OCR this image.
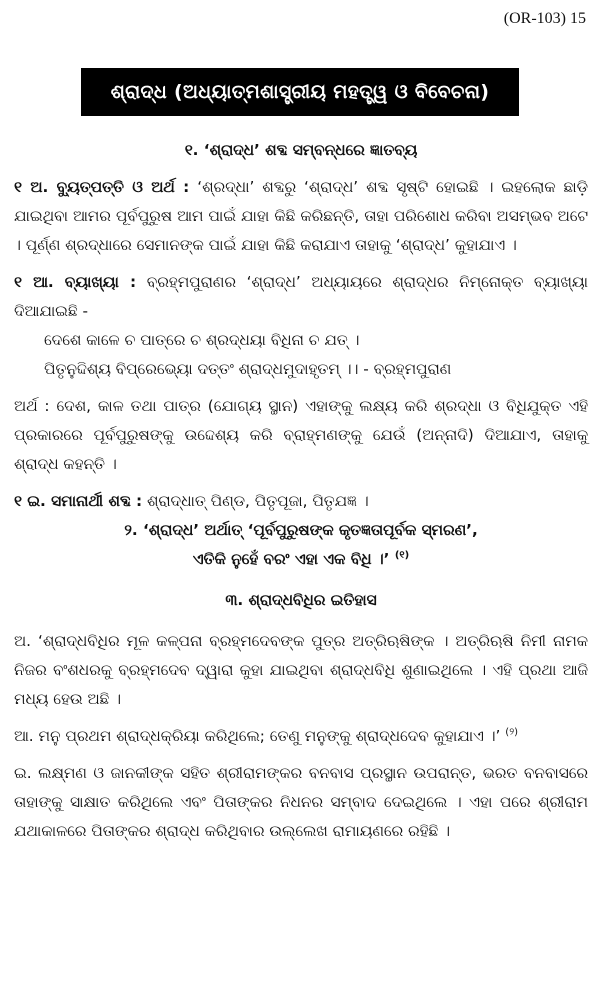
(OR-103) 15
ଶ୍ରାଦ୍ଧ (ଅଧ୍ୟାତ୍ମଶାସ୍ତ୍ରୀୟ ମହତ୍ତ୍ୱ ଓ ବିବେଚନା)

୧. ‘ଶ୍ରାଦ୍ଧ’ ଶବ୍ଦ ସମ୍ବନ୍ଧରେ ଜ୍ଞାତବ୍ୟ

୧ ଅ. ବ୍ୟୁତ୍ପତ୍ତି ଓ ଅର୍ଥ : ‘ଶ୍ରଦ୍ଧା’ ଶବ୍ଦରୁ ‘ଶ୍ରାଦ୍ଧ’ ଶବ୍ଦ ସୃଷ୍ଟି ହୋଇଛି । ଇହଲୋକ ଛାଡ଼ି ଯାଇଥିବା ଆମର ପୂର୍ବପୁରୁଷ ଆମ ପାଇଁ ଯାହା କିଛି କରିଛନ୍ତି, ତାହା ପରିଶୋଧ କରିବା ଅସମ୍ଭବ ଅଟେ । ପୂର୍ଣ୍ଣ ଶ୍ରଦ୍ଧାରେ ସେମାନଙ୍କ ପାଇଁ ଯାହା କିଛି କରାଯାଏ ତାହାକୁ ‘ଶ୍ରାଦ୍ଧ’ କୁହାଯାଏ ।

୧ ଆ. ବ୍ୟାଖ୍ୟା : ବ୍ରହ୍ମପୁରାଣର ‘ଶ୍ରାଦ୍ଧ’ ଅଧ୍ୟାୟରେ ଶ୍ରାଦ୍ଧର ନିମ୍ନୋକ୍ତ ବ୍ୟାଖ୍ୟା ଦିଆଯାଇଛି -

ଦେଶେ କାଳେ ଚ ପାତ୍ରେ ଚ ଶ୍ରଦ୍ଧୟା ବିଧିନା ଚ ଯତ୍ ।

ପିତୃନୁଦ୍ଦିଶ୍ୟ ବିପ୍ରେଭ୍ୟୋ ଦତ୍ତଂ ଶ୍ରାଦ୍ଧମୁଦାହୃତମ୍ ।। - ବ୍ରହ୍ମପୁରାଣ

ଅର୍ଥ : ଦେଶ, କାଳ ତଥା ପାତ୍ର (ଯୋଗ୍ୟ ସ୍ଥାନ) ଏହାଙ୍କୁ ଲକ୍ଷ୍ୟ କରି ଶ୍ରଦ୍ଧା ଓ ବିଧିଯୁକ୍ତ ଏହି ପ୍ରକାରରେ ପୂର୍ବପୁରୁଷଙ୍କୁ ଉଦ୍ଦେଶ୍ୟ କରି ବ୍ରାହ୍ମଣଙ୍କୁ ଯେଉଁ (ଅନ୍ନାଦି) ଦିଆଯାଏ, ତାହାକୁ ଶ୍ରାଦ୍ଧ କହନ୍ତି ।

୧ ଇ. ସମାନାର୍ଥୀ ଶବ୍ଦ : ଶ୍ରାଦ୍ଧାତ୍ ପିଣ୍ଡ, ପିତୃପୂଜା, ପିତୃଯଜ୍ଞ ।

୨. ‘ଶ୍ରାଦ୍ଧ’ ଅର୍ଥାତ୍ ‘ପୂର୍ବପୁରୁଷଙ୍କ କୃତଜ୍ଞତାପୂର୍ବକ ସ୍ମରଣ’,

ଏତିକି ନୁହେଁ ବରଂ ଏହା ଏକ ବିଧି ।’ $^{(୧)}$

୩. ଶ୍ରାଦ୍ଧବିଧିର ଇତିହାସ

ଅ. ‘ଶ୍ରାଦ୍ଧବିଧିର ମୂଳ କଳ୍ପନା ବ୍ରହ୍ମଦେବଙ୍କ ପୁତ୍ର ଅତ୍ରିଋଷିଙ୍କ । ଅତ୍ରିଋଷି ନିମୀ ନାମକ ନିଜର ବଂଶଧରକୁ ବ୍ରହ୍ମଦେବ ଦ୍ୱାରା କୁହା ଯାଇଥିବା ଶ୍ରାଦ୍ଧବିଧି ଶୁଣାଇଥିଲେ । ଏହି ପ୍ରଥା ଆଜି ମଧ୍ୟ ହେଉ ଅଛି ।

ଆ. ମନୁ ପ୍ରଥମ ଶ୍ରାଦ୍ଧକ୍ରିୟା କରିଥିଲେ; ତେଣୁ ମନୁଙ୍କୁ ଶ୍ରାଦ୍ଧଦେବ କୁହାଯାଏ ।’ $^{(୨)}$

ଇ. ଲକ୍ଷ୍ମଣ ଓ ଜାନକୀଙ୍କ ସହିତ ଶ୍ରୀରାମଙ୍କର ବନବାସ ପ୍ରସ୍ଥାନ ଉପରାନ୍ତ, ଭରତ ବନବାସରେ ତାହାଙ୍କୁ ସାକ୍ଷାତ କରିଥିଲେ ଏବଂ ପିତାଙ୍କର ନିଧନର ସମ୍ବାଦ ଦେଇଥିଲେ । ଏହା ପରେ ଶ୍ରୀରାମ ଯଥାକାଳରେ ପିତାଙ୍କର ଶ୍ରାଦ୍ଧ କରିଥିବାର ଉଲ୍ଲେଖ ରାମାୟଣରେ ରହିଛି ।
